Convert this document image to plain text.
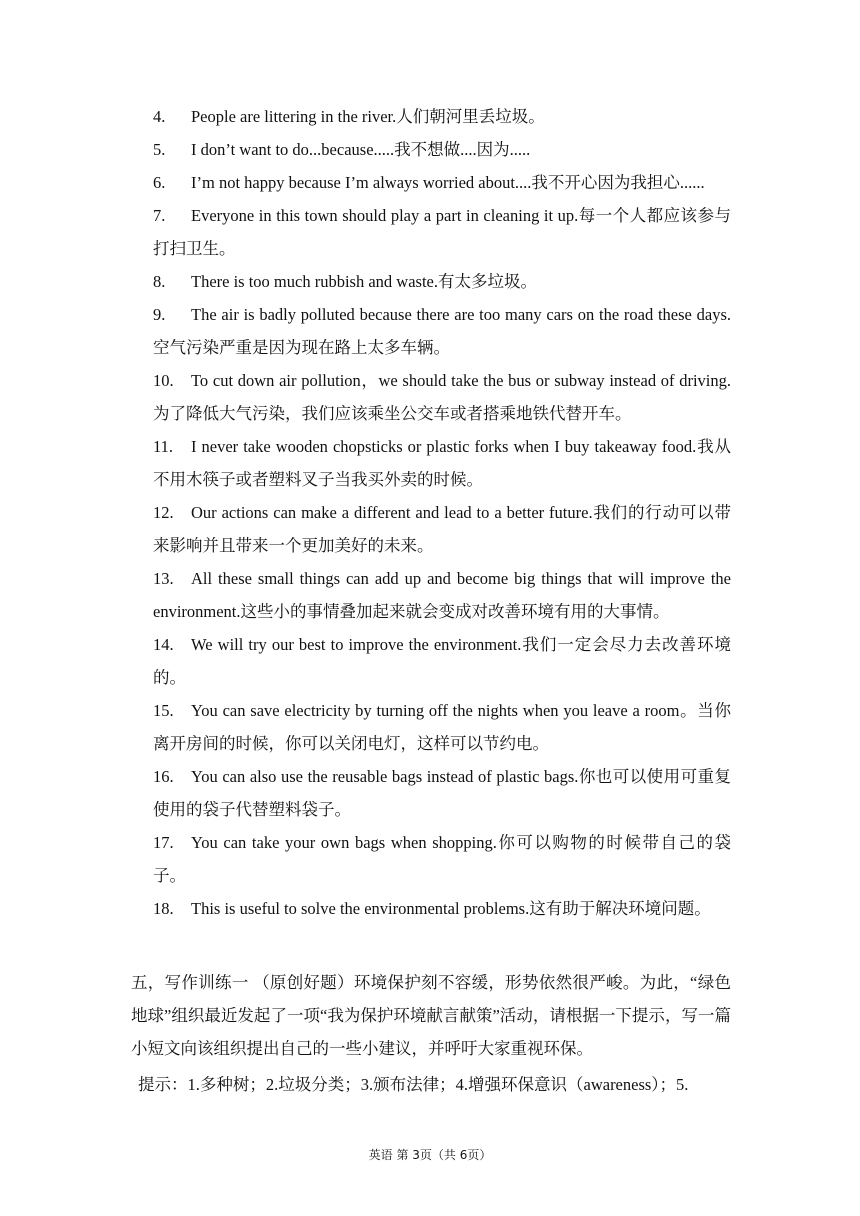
4. People are littering in the river.人们朝河里丢垃圾。

5. I don’t want to do...because.....我不想做....因为.....

6. I’m not happy because I’m always worried about....我不开心因为我担心......

7. Everyone in this town should play a part in cleaning it up.每一个人都应该参与打扫卫生。

8. There is too much rubbish and waste.有太多垃圾。

9. The air is badly polluted because there are too many cars on the road these days.空气污染严重是因为现在路上太多车辆。

10. To cut down air pollution，we should take the bus or subway instead of driving.为了降低大气污染，我们应该乘坐公交车或者搭乘地铁代替开车。

11. I never take wooden chopsticks or plastic forks when I buy takeaway food.我从不用木筷子或者塑料叉子当我买外卖的时候。

12. Our actions can make a different and lead to a better future.我们的行动可以带来影响并且带来一个更加美好的未来。

13. All these small things can add up and become big things that will improve the environment.这些小的事情叠加起来就会变成对改善环境有用的大事情。

14. We will try our best to improve the environment.我们一定会尽力去改善环境的。

15. You can save electricity by turning off the nights when you leave a room。当你离开房间的时候，你可以关闭电灯，这样可以节约电。

16. You can also use the reusable bags instead of plastic bags.你也可以使用可重复使用的袋子代替塑料袋子。

17. You can take your own bags when shopping.你可以购物的时候带自己的袋子。

18. This is useful to solve the environmental problems.这有助于解决环境问题。

五，写作训练一 （原创好题）环境保护刻不容缓，形势依然很严峻。为此，“绿色地球”组织最近发起了一项“我为保护环境献言献策”活动，请根据一下提示，写一篇小短文向该组织提出自己的一些小建议，并呼吁大家重视环保。
提示：1.多种树；2.垃圾分类；3.颁布法律；4.增强环保意识（awareness）；5.
英语 第 3页（共 6页）
